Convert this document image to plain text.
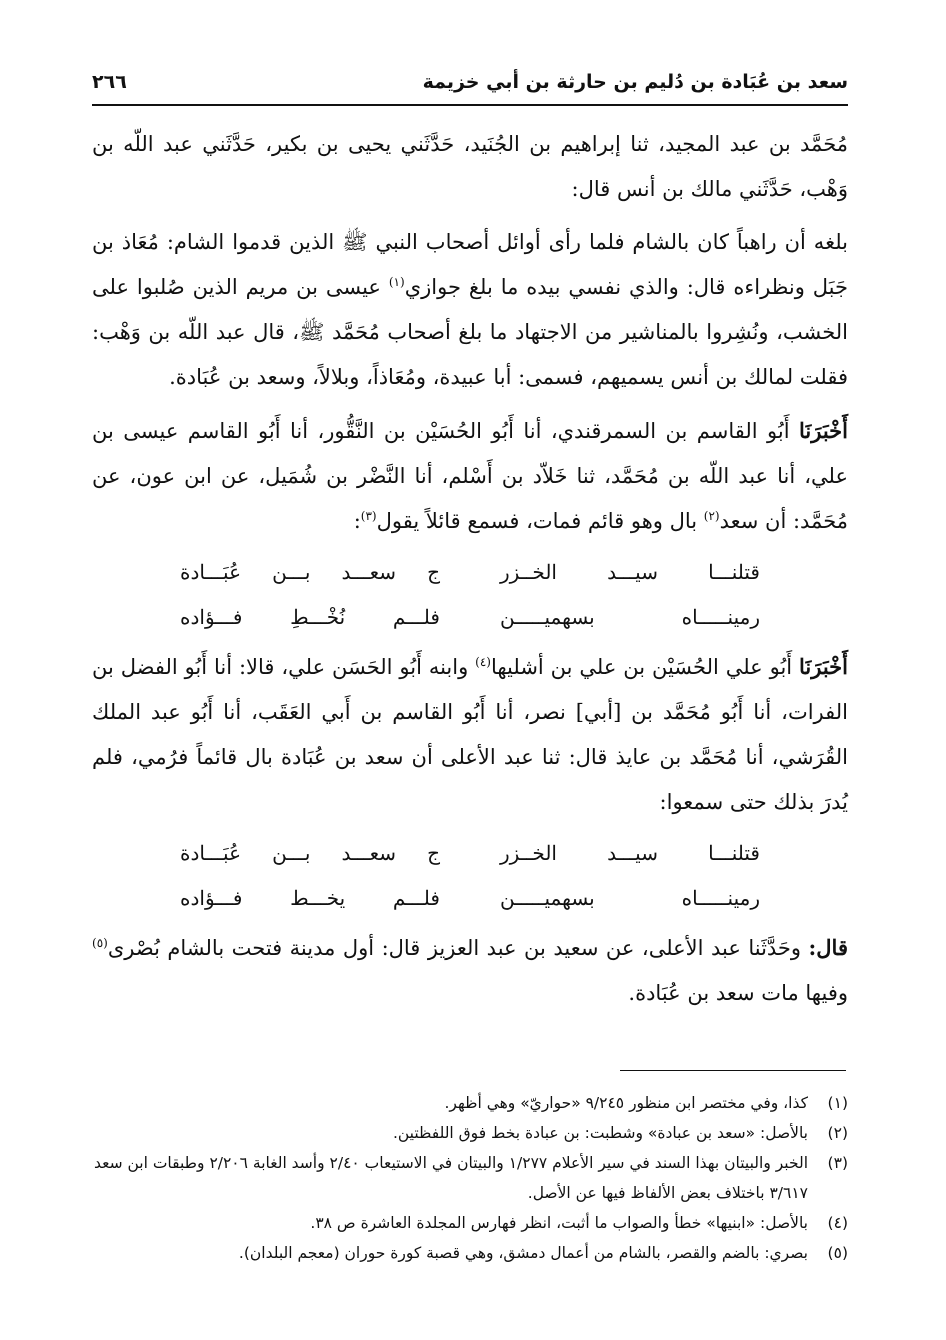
سعد بن عُبَادة بن دُليم بن حارثة بن أبي خزيمة
٢٦٦

مُحَمَّد بن عبد المجيد، ثنا إبراهيم بن الجُنَيد، حَدَّثَني يحيى بن بكير، حَدَّثَني عبد اللّه بن وَهْب، حَدَّثَني مالك بن أنس قال:

بلغه أن راهباً كان بالشام فلما رأى أوائل أصحاب النبي ﷺ الذين قدموا الشام: مُعَاذ بن جَبَل ونظراءه قال: والذي نفسي بيده ما بلغ جوازي$^{(١)}$ عيسى بن مريم الذين صُلبوا على الخشب، ونُشِروا بالمناشير من الاجتهاد ما بلغ أصحاب مُحَمَّد ﷺ، قال عبد اللّه بن وَهْب: فقلت لمالك بن أنس يسميهم، فسمى: أبا عبيدة، ومُعَاذاً، وبلالاً، وسعد بن عُبَادة.

أَخْبَرَنَا أَبُو القاسم بن السمرقندي، أنا أَبُو الحُسَيْن بن النَّقُّور، أنا أَبُو القاسم عيسى بن علي، أنا عبد اللّه بن مُحَمَّد، ثنا خَلاّد بن أَسْلم، أنا النَّضْر بن شُمَيل، عن ابن عون، عن مُحَمَّد: أن سعد$^{(٢)}$ بال وهو قائم فمات، فسمع قائلاً يقول$^{(٣)}$:

قتلنـــا سيـــد الخــزر
ج سعـــد بـــن عُبَـــادة
رمينـــــاه بسهميـــــن
فلـــم نُخْـــطِ فـــؤاده

أَخْبَرَنَا أَبُو علي الحُسَيْن بن علي بن أشليها$^{(٤)}$ وابنه أَبُو الحَسَن علي، قالا: أنا أَبُو الفضل بن الفرات، أنا أَبُو مُحَمَّد بن [أبي] نصر، أنا أَبُو القاسم بن أَبي العَقَب، أنا أَبُو عبد الملك القُرَشي، أنا مُحَمَّد بن عايذ قال: ثنا عبد الأعلى أن سعد بن عُبَادة بال قائماً فرُمي، فلم يُدرَ بذلك حتى سمعوا:

قتلنـــا سيـــد الخــزر
ج سعـــد بـــن عُبَـــادة
رمينـــــاه بسهميـــــن
فلـــم يخـــط فـــؤاده

قال: وحَدَّثَنا عبد الأعلى، عن سعيد بن عبد العزيز قال: أول مدينة فتحت بالشام بُصْرى$^{(٥)}$ وفيها مات سعد بن عُبَادة.

(١)
كذا، وفي مختصر ابن منظور ٩/٢٤٥ «حواريّ» وهي أظهر.
(٢)
بالأصل: «سعد بن عبادة» وشطبت: بن عبادة بخط فوق اللفظتين.
(٣)
الخبر والبيتان بهذا السند في سير الأعلام ١/٢٧٧ والبيتان في الاستيعاب ٢/٤٠ وأسد الغابة ٢/٢٠٦ وطبقات ابن سعد ٣/٦١٧ باختلاف بعض الألفاظ فيها عن الأصل.
(٤)
بالأصل: «ابنيها» خطأ والصواب ما أثبت، انظر فهارس المجلدة العاشرة ص ٣٨.
(٥)
بصري: بالضم والقصر، بالشام من أعمال دمشق، وهي قصبة كورة حوران (معجم البلدان).
